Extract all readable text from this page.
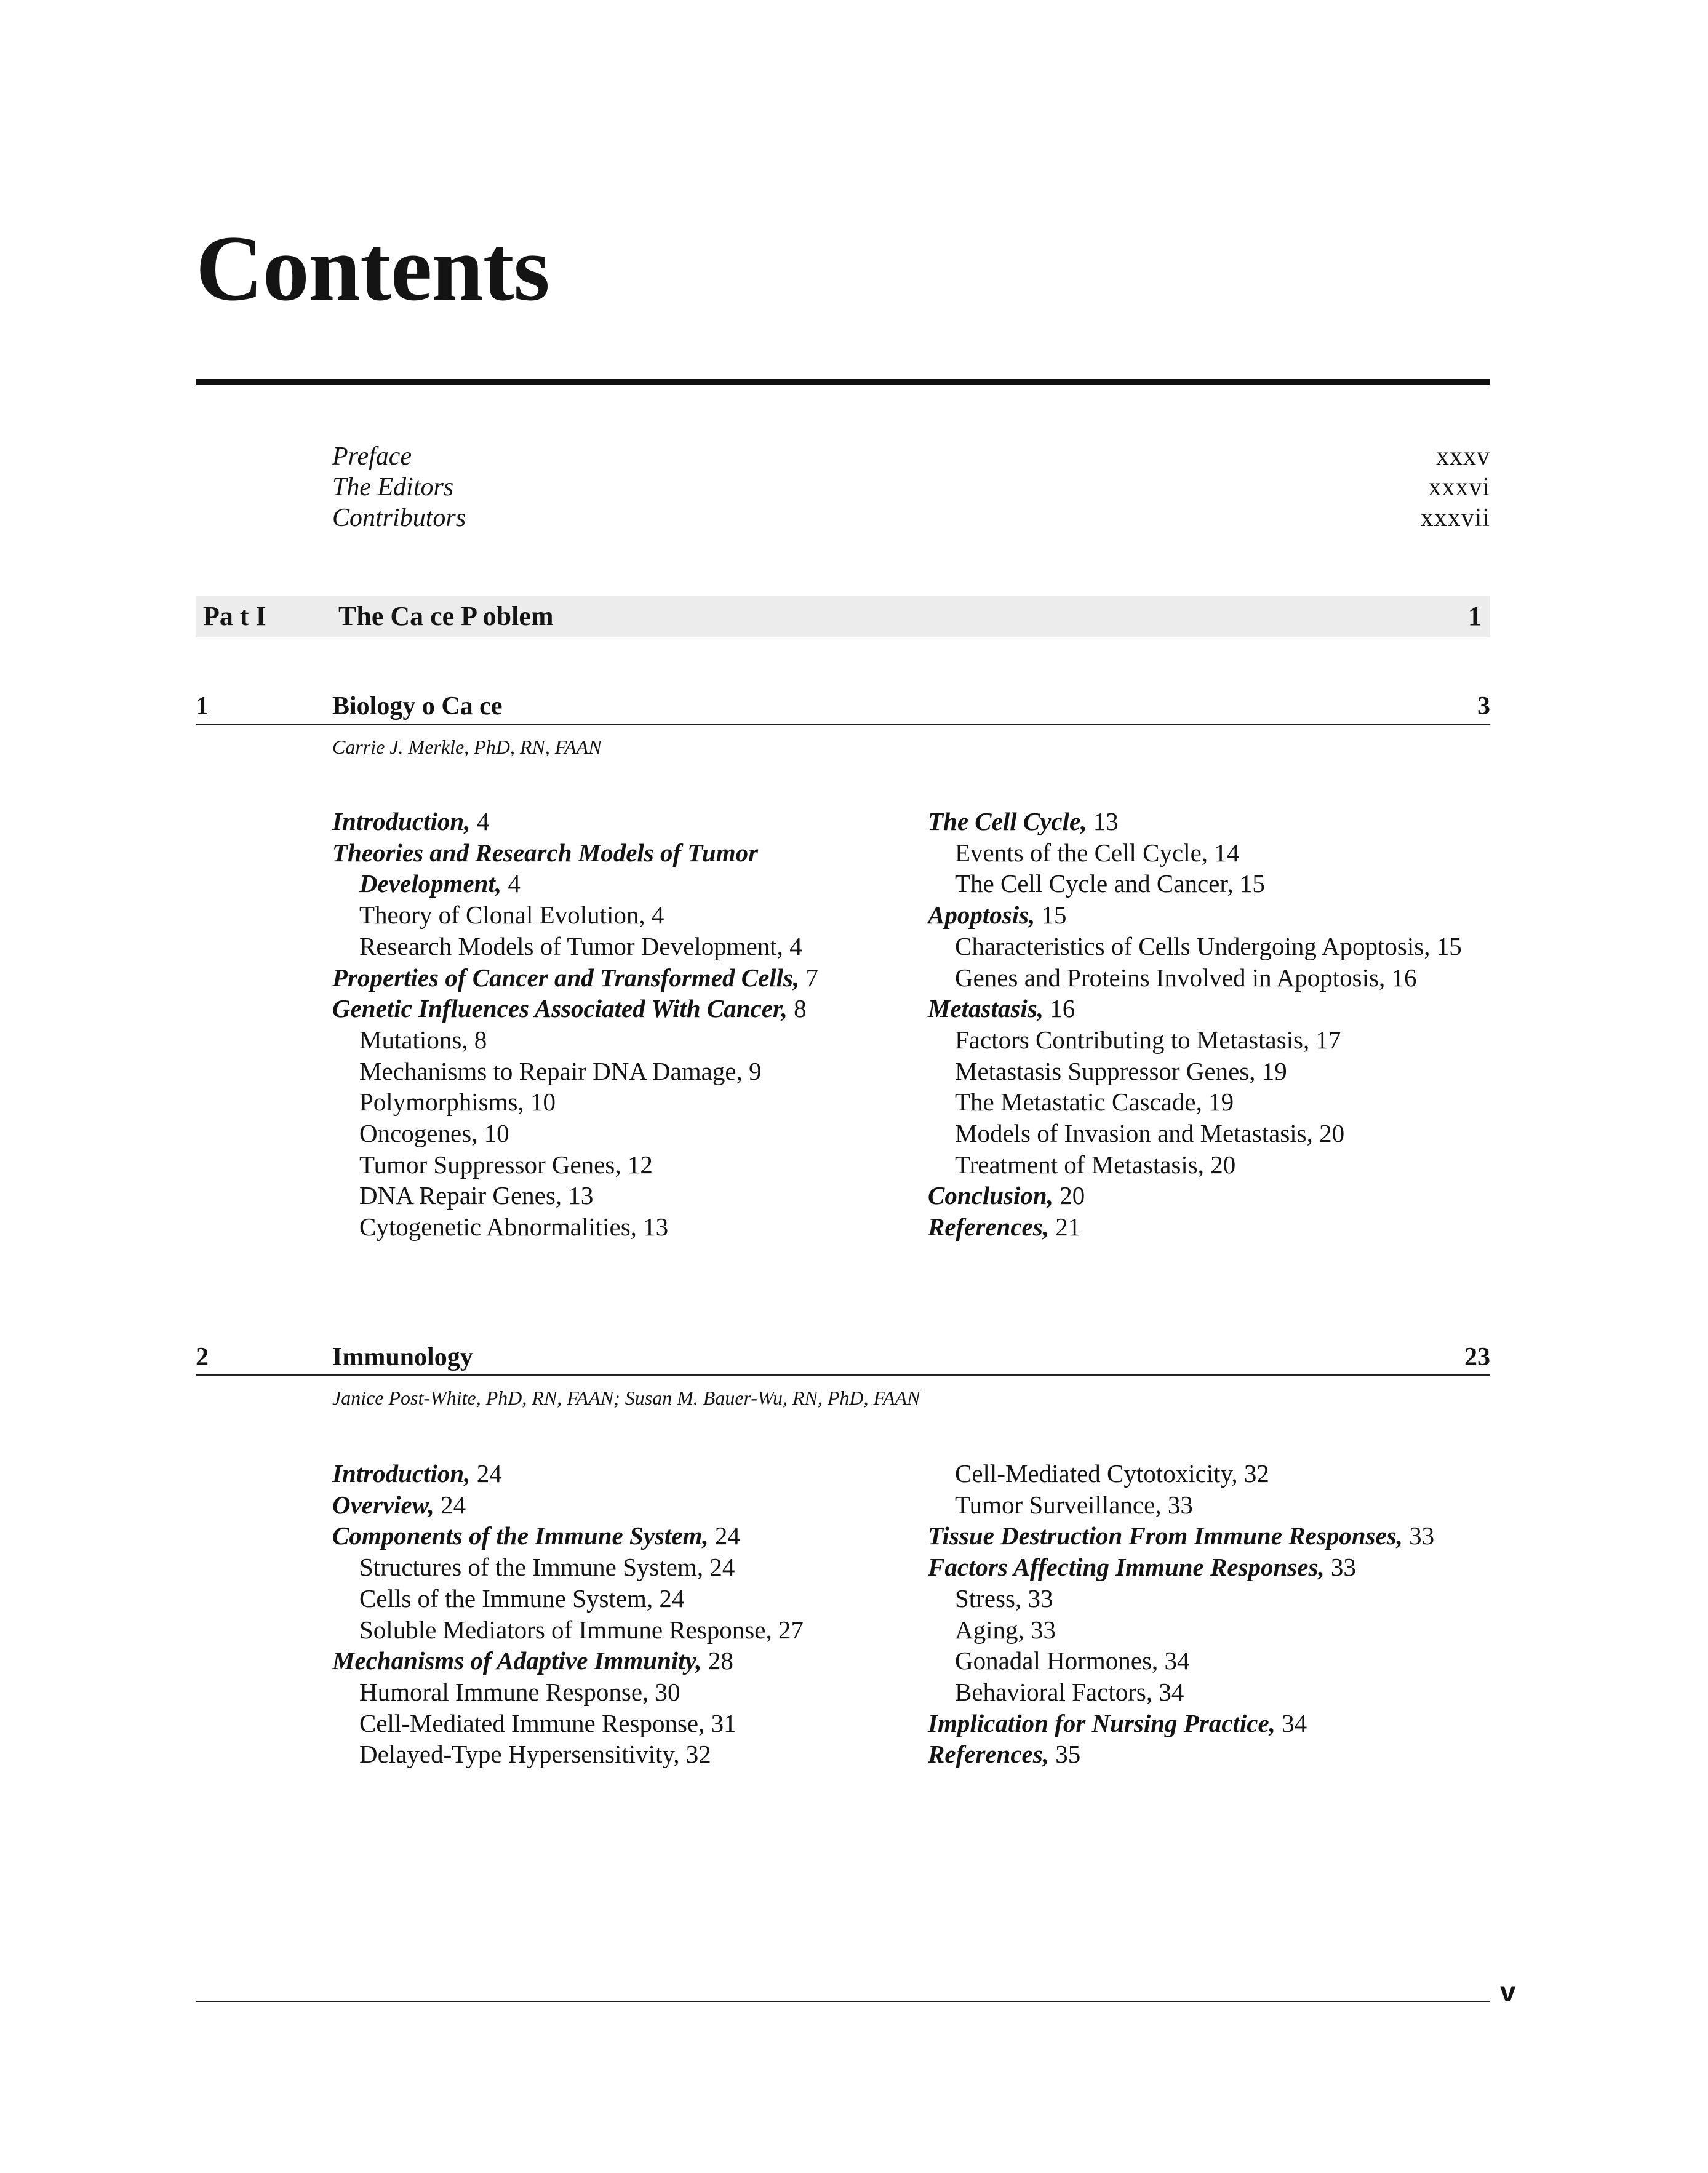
Contents
Preface	xxxv
The Editors	xxxvi
Contributors	xxxvii
Pa t I	The Ca ce P oblem	1
1	Biology o Ca ce	3
Carrie J. Merkle, PhD, RN, FAAN
Introduction, 4
Theories and Research Models of Tumor
Development, 4
Theory of Clonal Evolution, 4
Research Models of Tumor Development, 4
Properties of Cancer and Transformed Cells, 7
Genetic Influences Associated With Cancer, 8
Mutations, 8
Mechanisms to Repair DNA Damage, 9
Polymorphisms, 10
Oncogenes, 10
Tumor Suppressor Genes, 12
DNA Repair Genes, 13
Cytogenetic Abnormalities, 13
The Cell Cycle, 13
Events of the Cell Cycle, 14
The Cell Cycle and Cancer, 15
Apoptosis, 15
Characteristics of Cells Undergoing Apoptosis, 15
Genes and Proteins Involved in Apoptosis, 16
Metastasis, 16
Factors Contributing to Metastasis, 17
Metastasis Suppressor Genes, 19
The Metastatic Cascade, 19
Models of Invasion and Metastasis, 20
Treatment of Metastasis, 20
Conclusion, 20
References, 21
2	Immunology	23
Janice Post-White, PhD, RN, FAAN; Susan M. Bauer-Wu, RN, PhD, FAAN
Introduction, 24
Overview, 24
Components of the Immune System, 24
Structures of the Immune System, 24
Cells of the Immune System, 24
Soluble Mediators of Immune Response, 27
Mechanisms of Adaptive Immunity, 28
Humoral Immune Response, 30
Cell-Mediated Immune Response, 31
Delayed-Type Hypersensitivity, 32
Cell-Mediated Cytotoxicity, 32
Tumor Surveillance, 33
Tissue Destruction From Immune Responses, 33
Factors Affecting Immune Responses, 33
Stress, 33
Aging, 33
Gonadal Hormones, 34
Behavioral Factors, 34
Implication for Nursing Practice, 34
References, 35
v
